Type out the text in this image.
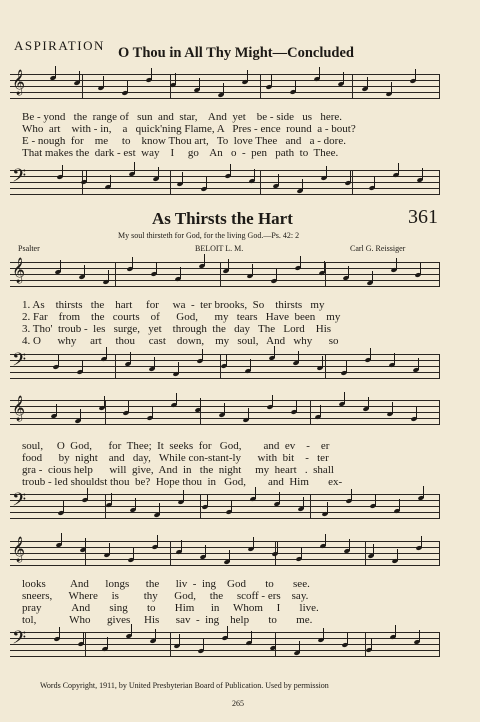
ASPIRATION O Thou in All Thy Might—Concluded
𝄞
Be - yond   the  range of   sun  and  star,    And  yet    be - side   us   here.
Who  art    with - in,    a   quick'ning Flame, A   Pres - ence  round  a - bout?
E - nough  for    me     to    know Thou art,   To  love Thee   and   a - dore.
That makes the  dark - est  way    I     go    An   o  -  pen   path  to  Thee.
𝄢
As Thirsts the Hart	361
My soul thirsteth for God, for the living God.—Ps. 42: 2
Psalter	BELOIT L. M.	Carl G. Reissiger
𝄞
1. As    thirsts   the    hart     for     wa  -  ter brooks,  So    thirsts   my
2. Far    from    the   courts    of      God,      my   tears   Have  been    my
3. Tho'  troub -  les   surge,   yet    through  the   day   The   Lord    His
4. O      why     art     thou     cast    down,    my   soul,   And   why      so
𝄢
𝄞
soul,     O  God,      for  Thee;  It  seeks  for   God,        and  ev    -    er
food      by  night    and   day,   While con-stant-ly      with  bit    -   ter
gra -  cious help      will  give,  And  in   the  night     my  heart   .  shall
troub - led shouldst thou  be?  Hope thou  in   God,        and  Him       ex-
𝄢
𝄞
looks         And      longs      the      liv  -  ing    God       to       see.
sneers,      Where     is         thy      God,     the     scoff - ers    say.
pray           And       sing       to       Him      in     Whom     I       live.
tol,            Who      gives     His      sav  -  ing    help       to       me.
𝄢
Words Copyright, 1911, by United Presbyterian Board of Publication. Used by permission
265
